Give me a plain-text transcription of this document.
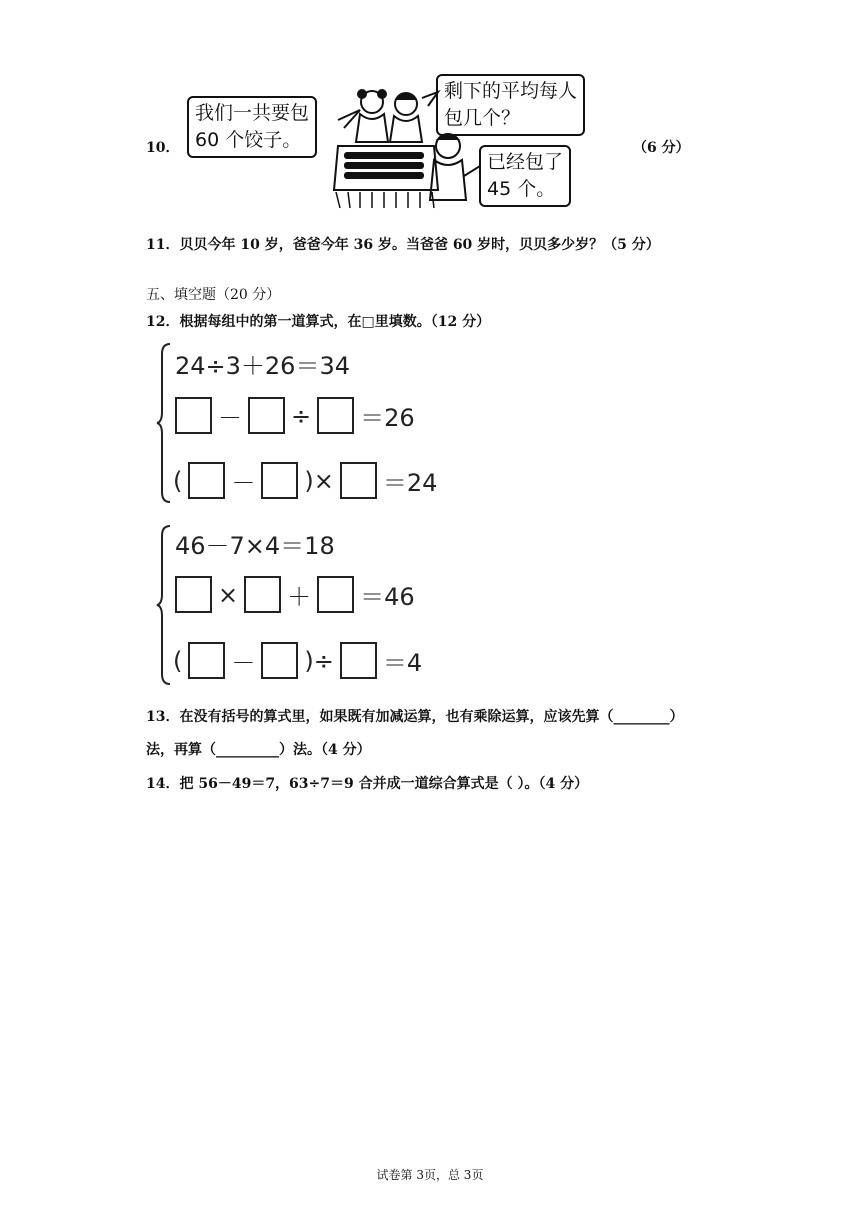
10．
我们一共要包
60 个饺子。
剩下的平均每人
包几个？
已经包了
45 个。
（6 分）
11．贝贝今年 10 岁，爸爸今年 36 岁。当爸爸 60 岁时，贝贝多少岁？（5 分）
五、填空题（20 分）
12．根据每组中的第一道算式，在□里填数。（12 分）
24÷3＋26＝34
－ ÷ ＝26
( － )× ＝24
46－7×4＝18
× ＋ ＝46
( － )÷ ＝4
13．在没有括号的算式里，如果既有加减运算，也有乘除运算，应该先算（________）
法，再算（_________）法。（4 分）
14．把 56－49＝7，63÷7＝9 合并成一道综合算式是（ ）。（4 分）
试卷第 3页，总 3页
